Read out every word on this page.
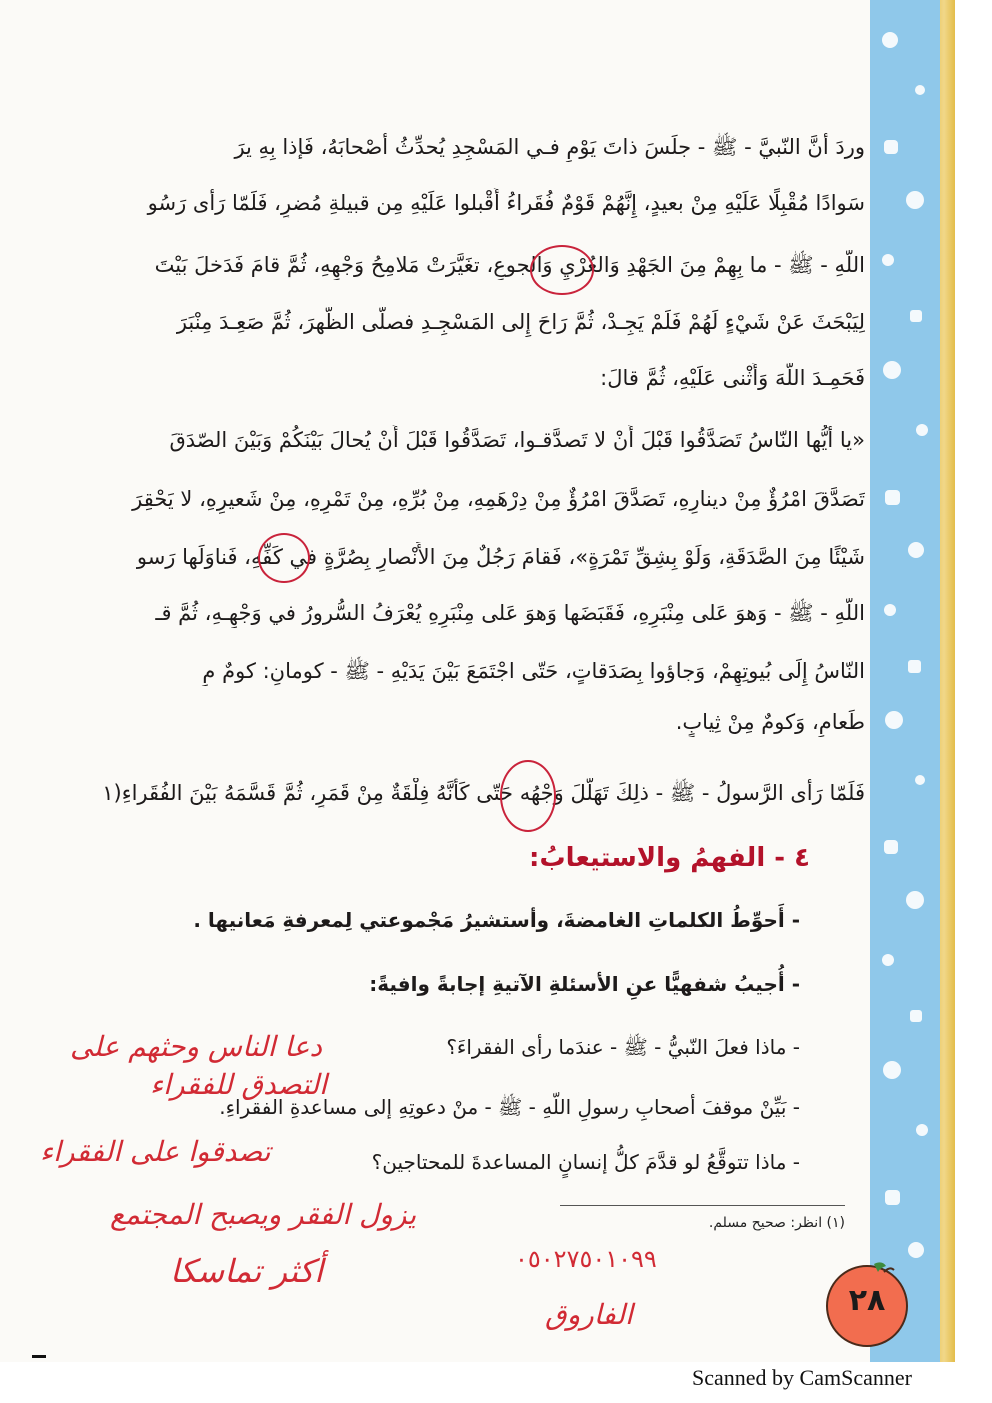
وردَ أنَّ النّبيَّ - ﷺ - جلَسَ ذاتَ يَوْمٍ فـي المَسْجِدِ يُحدِّثُ أصْحابَهُ، فَإذا بِهِ يرَ
سَوادًا مُقْبِلًا عَلَيْهِ مِنْ بعيدٍ، إِنَّهُمْ قَوْمٌ فُقَراءُ أَقْبلوا عَلَيْهِ مِن قبيلةِ مُضرٍ، فَلَمّا رَأى رَسُو
اللّهِ - ﷺ - ما بِهِمْ مِنَ الجَهْدِ وَالعُرْيِ وَالجوعِ، تغَيَّرَتْ مَلامِحُ وَجْهِهِ، ثُمَّ قامَ فَدَخلَ بَيْتَ
لِيَبْحَثَ عَنْ شَيْءٍ لَهُمْ فَلَمْ يَجِـدْ، ثُمَّ رَاحَ إِلى المَسْجِـدِ فصلّى الظُّهرَ، ثُمَّ صَعِـدَ مِنْبَرَ
فَحَمِـدَ اللّهَ وَأَثْنى عَلَيْهِ، ثُمَّ قالَ:
«يا أيُّها النّاسُ تَصَدَّقُوا قَبْلَ أَنْ لا تَصدَّقـوا، تَصَدَّقُوا قَبْلَ أَنْ يُحالَ بَيْنَكُمْ وَبَيْنَ الصّدَقَ
تَصَدَّقَ امْرُؤٌ مِنْ دينارِهِ، تَصَدَّقَ امْرُؤٌ مِنْ دِرْهَمِهِ، مِنْ بُرِّهِ، مِنْ تَمْرِهِ، مِنْ شَعيرِهِ، لا يَحْقِرَ
شَيْئًا مِنَ الصَّدَقَةِ، وَلَوْ بِشِقِّ تَمْرَةٍ»، فَقامَ رَجُلٌ مِنَ الأَنْصارِ بِصُرَّةٍ في كَفِّهِ، فَناوَلَها رَسو
اللّهِ - ﷺ - وَهوَ عَلى مِنْبَرِهِ، فَقَبَضَها وَهوَ عَلى مِنْبَرِهِ يُعْرَفُ السُّرورُ في وَجْهِـهِ، ثُمَّ قـ
النّاسُ إِلَى بُيوتِهِمْ، وَجاؤوا بِصَدَقاتٍ، حَتّى اجْتَمَعَ بَيْنَ يَدَيْهِ - ﷺ - كومانِ: كومٌ مِ
طَعامٍ، وَكومٌ مِنْ ثِيابٍ.
فَلَمّا رَأى الرَّسولُ - ﷺ - ذلِكَ تَهَلَّلَ وَجْهُه حَتّى كَأَنَّهُ فِلْقَةٌ مِنْ قَمَرٍ، ثُمَّ قَسَّمَهُ بَيْنَ الفُقَراءِ(١
٤ - الفهمُ والاستيعابُ:
- أَحوِّطُ الكلماتِ الغامضةَ، وأستشيرُ مَجْموعتي لِمعرفةِ مَعانيها .
- أُجيبُ شفهيًّا عنِ الأسئلةِ الآتيةِ إجابةً وافيةً:
- ماذا فعلَ النّبيُّ - ﷺ - عندَما رأى الفقراءَ؟
- بَيِّنْ موقفَ أصحابِ رسولِ اللّهِ - ﷺ - منْ دعوتِهِ إلى مساعدةِ الفقراءِ.
- ماذا تتوقَّعُ لو قدَّمَ كلُّ إنسانٍ المساعدةَ للمحتاجين؟
دعا الناس وحثهم على
التصدق للفقراء
تصدقوا على الفقراء
يزول الفقر ويصبح المجتمع
أكثر تماسكا	٠٥٠٢٧٥٠١٠٩٩
الفاروق
(١) انظر: صحيح مسلم.
٢٨
Scanned by CamScanner
